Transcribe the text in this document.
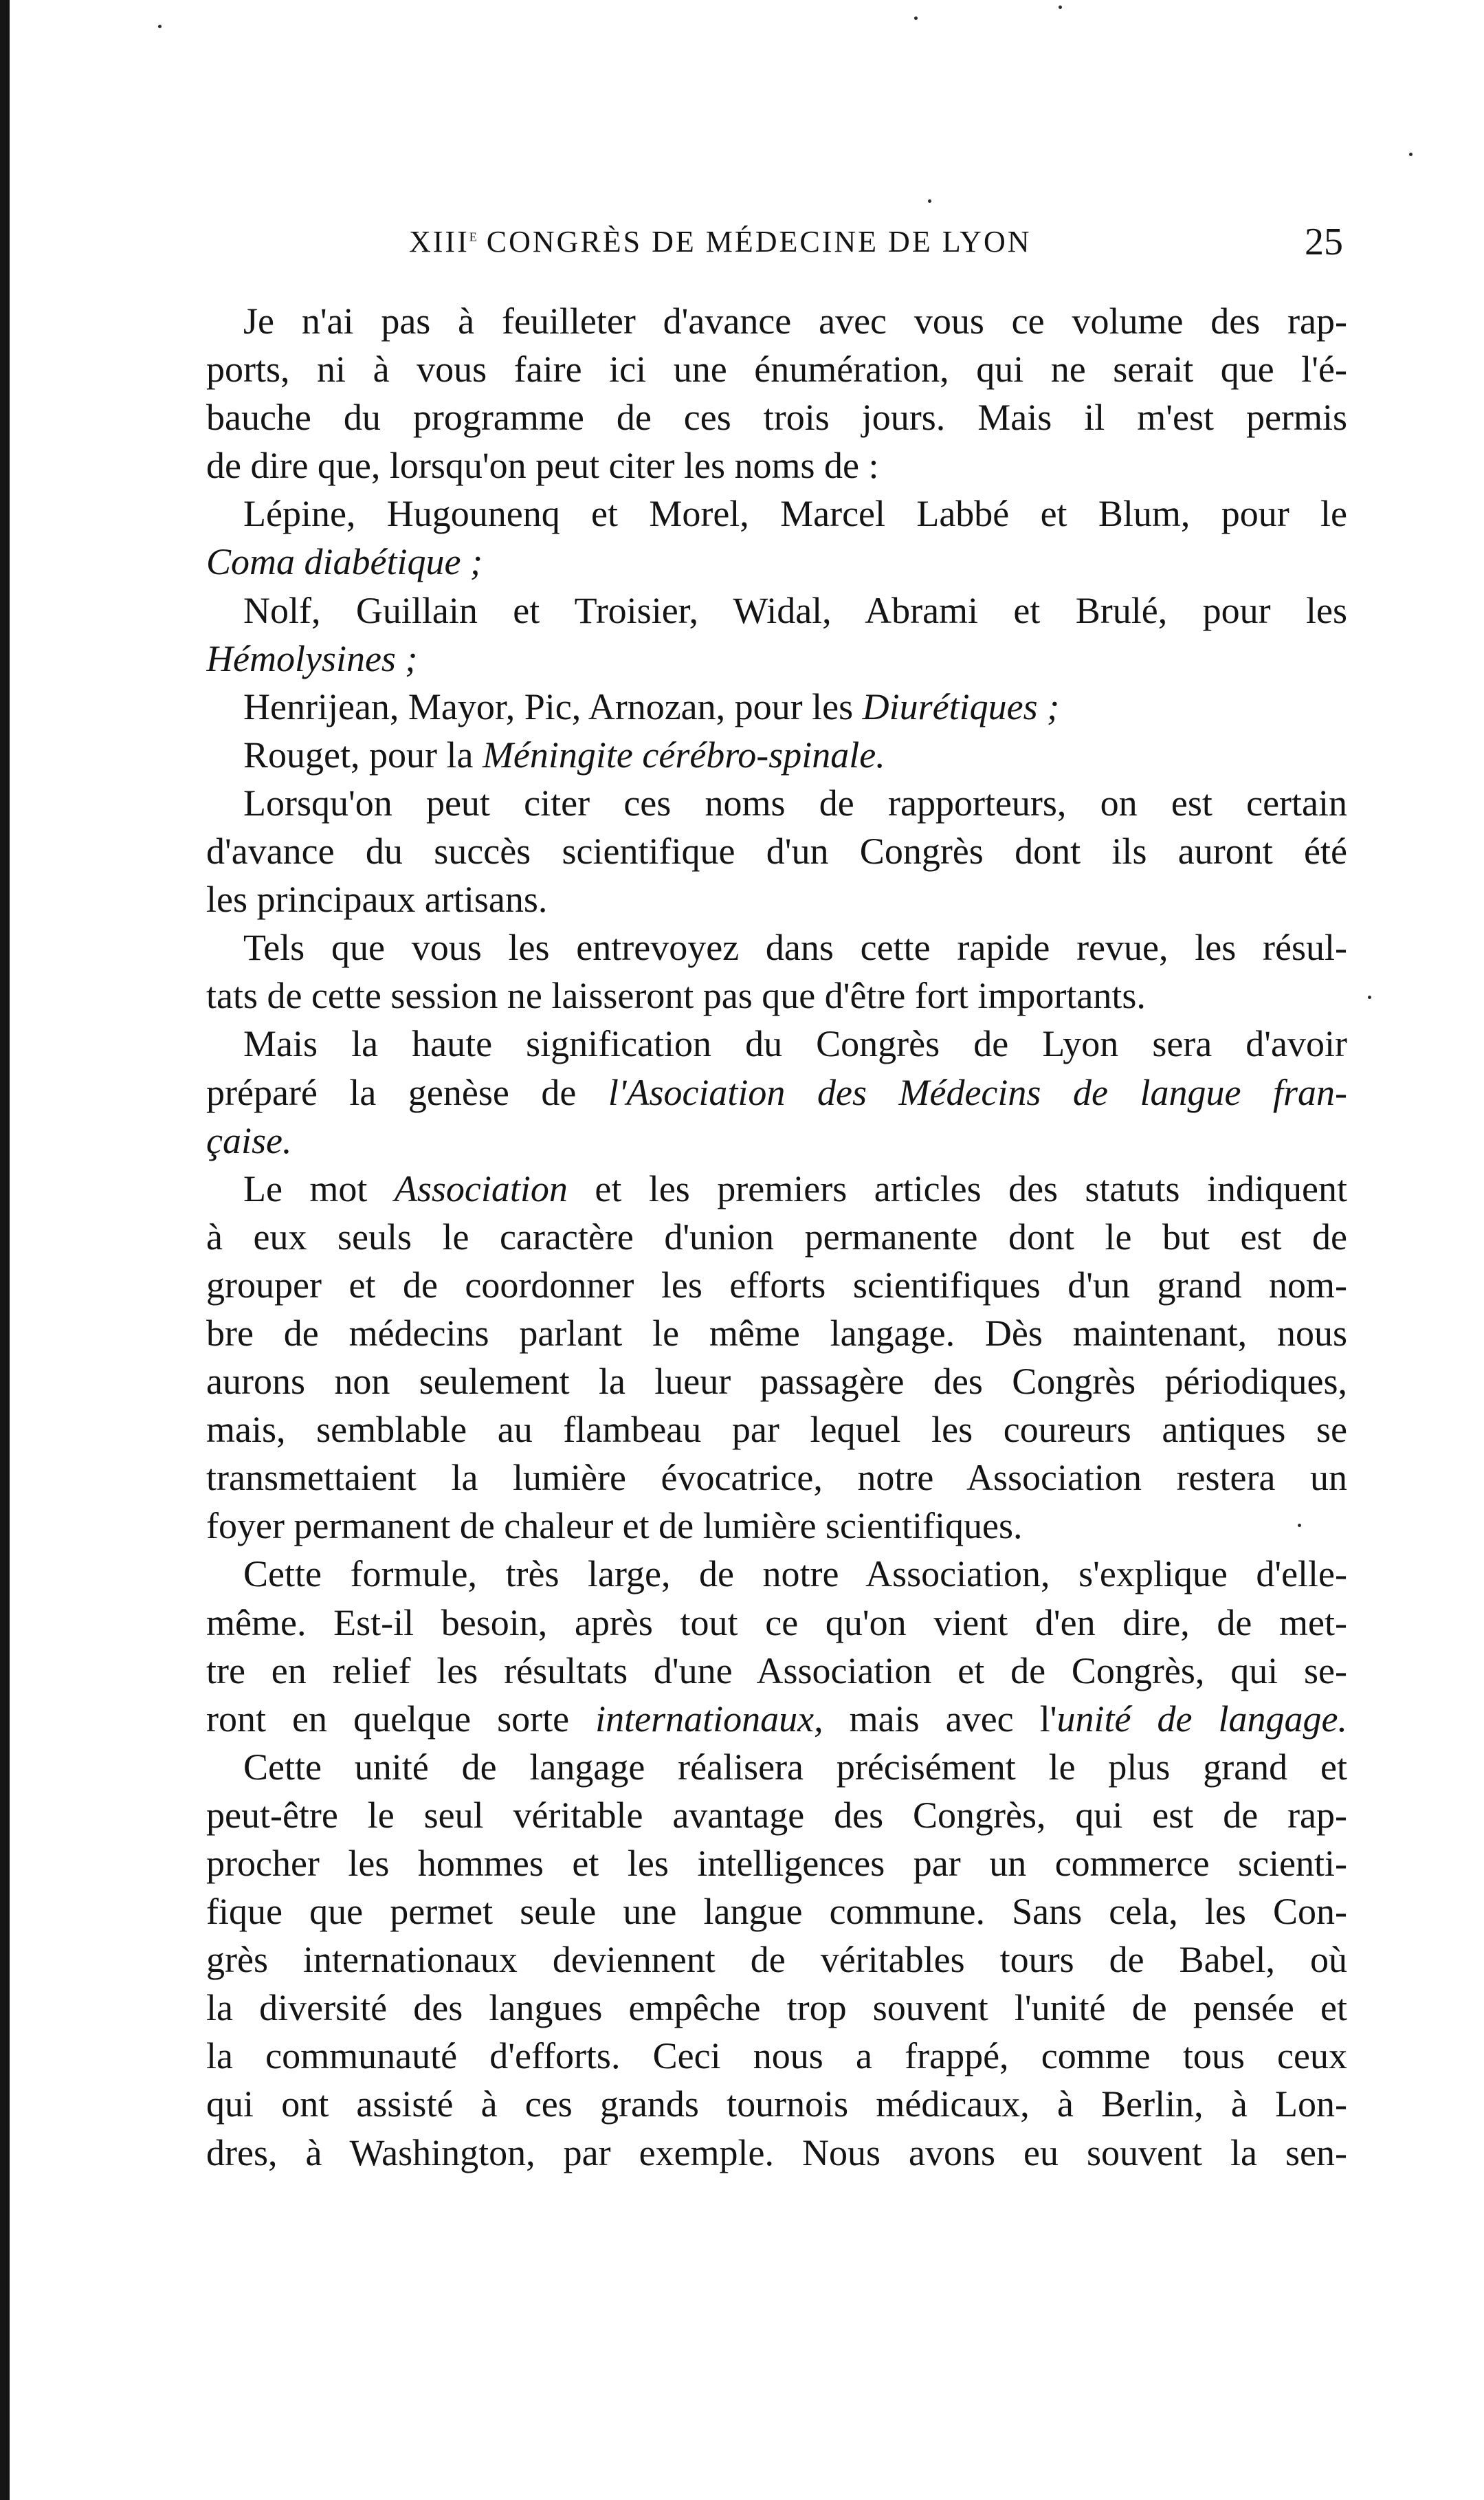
XIIIe CONGRÈS DE MÉDECINE DE LYON	25
Je n'ai pas à feuilleter d'avance avec vous ce volume des rap-
ports, ni à vous faire ici une énumération, qui ne serait que l'é-
bauche du programme de ces trois jours. Mais il m'est permis
de dire que, lorsqu'on peut citer les noms de :
Lépine, Hugounenq et Morel, Marcel Labbé et Blum, pour le
Coma diabétique ;
Nolf, Guillain et Troisier, Widal, Abrami et Brulé, pour les
Hémolysines ;
Henrijean, Mayor, Pic, Arnozan, pour les Diurétiques ;
Rouget, pour la Méningite cérébro-spinale.
Lorsqu'on peut citer ces noms de rapporteurs, on est certain
d'avance du succès scientifique d'un Congrès dont ils auront été
les principaux artisans.
Tels que vous les entrevoyez dans cette rapide revue, les résul-
tats de cette session ne laisseront pas que d'être fort importants.
Mais la haute signification du Congrès de Lyon sera d'avoir
préparé la genèse de l'Asociation des Médecins de langue fran-
çaise.
Le mot Association et les premiers articles des statuts indiquent
à eux seuls le caractère d'union permanente dont le but est de
grouper et de coordonner les efforts scientifiques d'un grand nom-
bre de médecins parlant le même langage. Dès maintenant, nous
aurons non seulement la lueur passagère des Congrès périodiques,
mais, semblable au flambeau par lequel les coureurs antiques se
transmettaient la lumière évocatrice, notre Association restera un
foyer permanent de chaleur et de lumière scientifiques.
Cette formule, très large, de notre Association, s'explique d'elle-
même. Est-il besoin, après tout ce qu'on vient d'en dire, de met-
tre en relief les résultats d'une Association et de Congrès, qui se-
ront en quelque sorte internationaux, mais avec l'unité de langage.
Cette unité de langage réalisera précisément le plus grand et
peut-être le seul véritable avantage des Congrès, qui est de rap-
procher les hommes et les intelligences par un commerce scienti-
fique que permet seule une langue commune. Sans cela, les Con-
grès internationaux deviennent de véritables tours de Babel, où
la diversité des langues empêche trop souvent l'unité de pensée et
la communauté d'efforts. Ceci nous a frappé, comme tous ceux
qui ont assisté à ces grands tournois médicaux, à Berlin, à Lon-
dres, à Washington, par exemple. Nous avons eu souvent la sen-
